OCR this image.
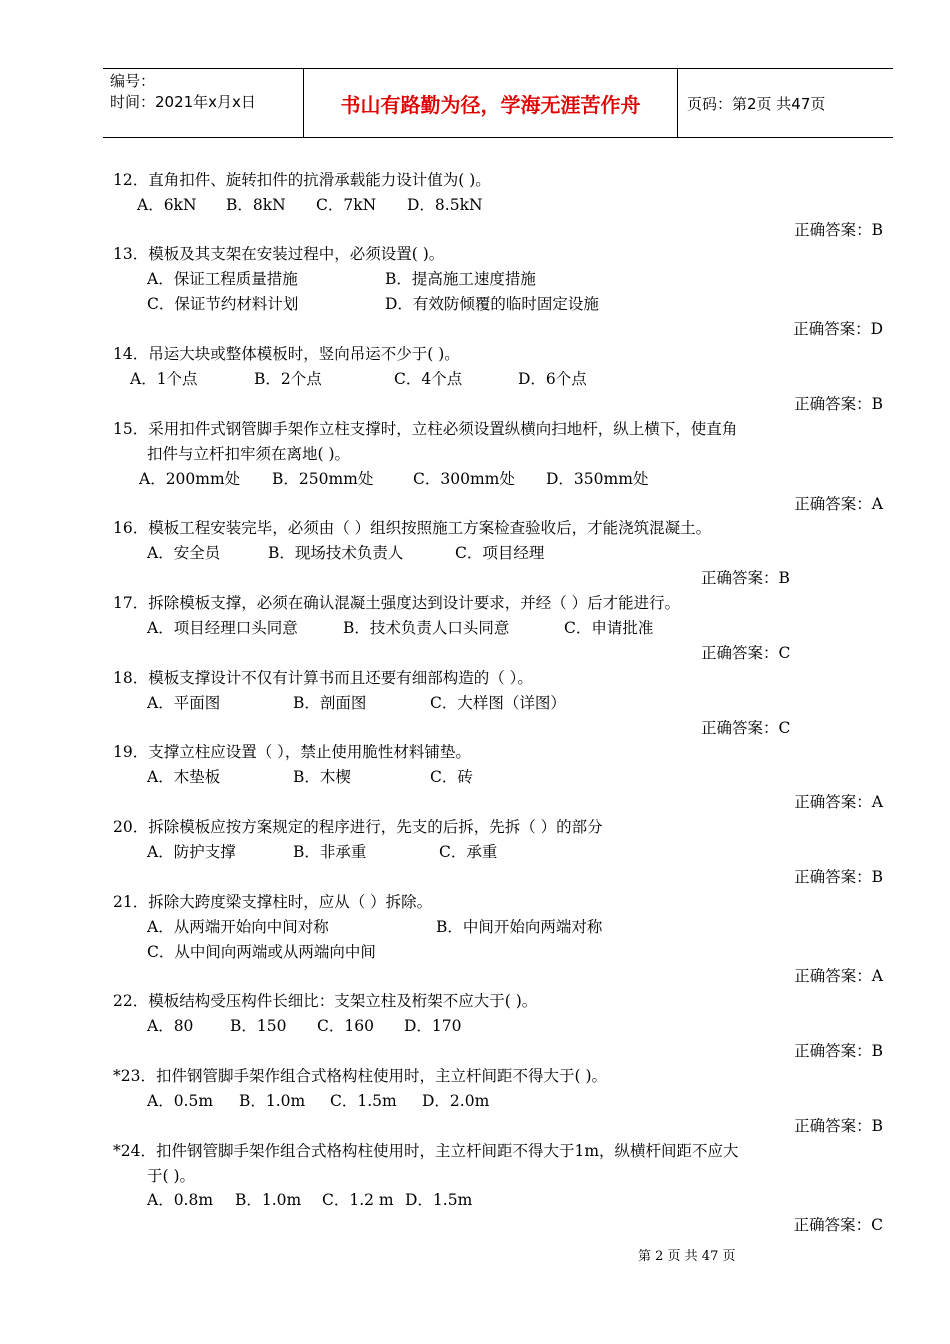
编号：
时间：2021年x月x日	书山有路勤为径，学海无涯苦作舟	页码：第2页 共47页
12．直角扣件、旋转扣件的抗滑承载能力设计值为( )。
A．6kN B．8kN C．7kN D．8.5kN
正确答案：B
13．模板及其支架在安装过程中，必须设置( )。
A．保证工程质量措施	B．提高施工速度措施
C．保证节约材料计划	D．有效防倾覆的临时固定设施
正确答案：D
14．吊运大块或整体模板时，竖向吊运不少于( )。
A．1个点	B．2个点	C．4个点	D．6个点
正确答案：B
15．采用扣件式钢管脚手架作立柱支撑时，立柱必须设置纵横向扫地杆，纵上横下，使直角
扣件与立杆扣牢须在离地( )。
A．200mm处 B．250mm处	C．300mm处 D．350mm处
正确答案：A
16．模板工程安装完毕，必须由（ ）组织按照施工方案检查验收后，才能浇筑混凝土。
A．安全员	B．现场技术负责人	C．项目经理
正确答案：B
17．拆除模板支撑，必须在确认混凝土强度达到设计要求，并经（ ）后才能进行。
A．项目经理口头同意	B．技术负责人口头同意	C．申请批准
正确答案：C
18．模板支撑设计不仅有计算书而且还要有细部构造的（ ）。
A．平面图	B．剖面图	C．大样图（详图）
正确答案：C
19．支撑立柱应设置（ ），禁止使用脆性材料铺垫。
A．木垫板	B．木楔	C．砖
正确答案：A
20．拆除模板应按方案规定的程序进行，先支的后拆，先拆（ ）的部分
A．防护支撑	B．非承重	C．承重
正确答案：B
21．拆除大跨度梁支撑柱时，应从（ ）拆除。
A．从两端开始向中间对称	B．中间开始向两端对称
C．从中间向两端或从两端向中间
正确答案：A
22．模板结构受压构件长细比：支架立柱及桁架不应大于( )。
A．80 B．150 C．160 D．170
正确答案：B
*23．扣件钢管脚手架作组合式格构柱使用时，主立杆间距不得大于( )。
A．0.5m B．1.0m C．1.5m D．2.0m
正确答案：B
*24．扣件钢管脚手架作组合式格构柱使用时，主立杆间距不得大于1m，纵横杆间距不应大
于( )。
A．0.8m B．1.0m C．1.2 m D．1.5m
正确答案：C
第 2 页 共 47 页
